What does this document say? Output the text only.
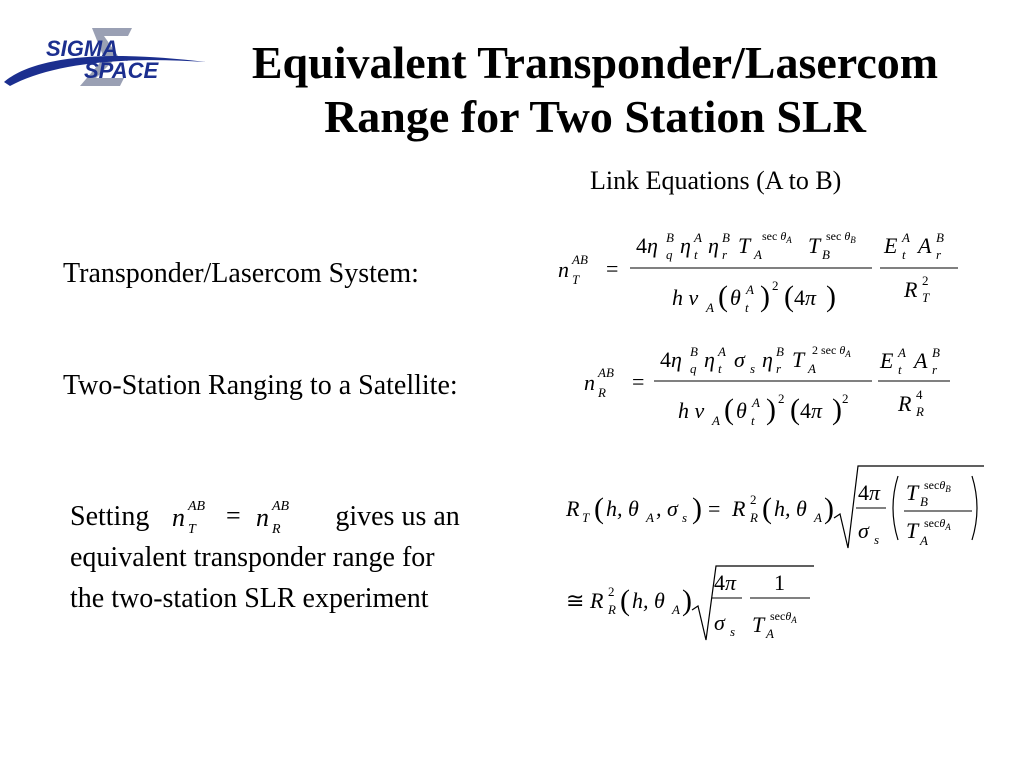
SIGMA
SPACE	Equivalent Transponder/Lasercom
Range for Two Station SLR
Link Equations (A to B)
Transponder/Lasercom System:
Two-Station Ranging to a Satellite:
Setting	gives us an
equivalent transponder range for
the two-station SLR experiment
n AB
T =
4η B
q η A
t η B
r T $\sec \theta_A$
A T $\sec \theta_B$
B
h ν A ( θ A
t ) 2 ( 4π )
E A
t A B
r
R 2
T
n AB
R =
4η B
q η A
t σ s η B
r T 2 $\sec \theta_A$
A
h ν A ( θ A
t ) 2 ( 4π ) 2
E A
t A B
r
R 4
R
n AB
T = n AB
R
R T ( h, θ A , σ s ) = R 2
R ( h, θ A ) 4π
σ s
T secθ$_B$
B
T secθ$_A$
A
≅ R 2
R ( h, θ A )
4π
σ s
1
T secθ$_A$
A
